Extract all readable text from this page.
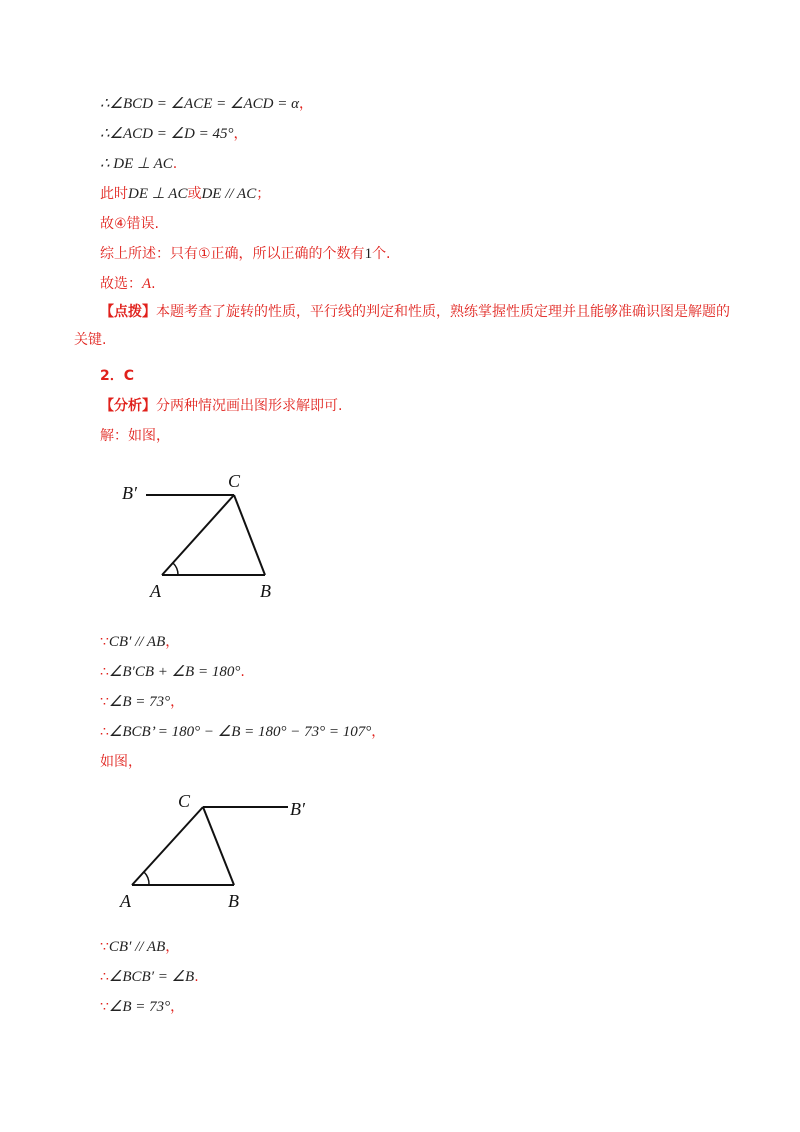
∴∠BCD = ∠ACE = ∠ACD = α，
∴∠ACD = ∠D = 45°，
∴ DE ⊥ AC.
此时DE ⊥ AC或DE // AC；
故④错误.
综上所述：只有①正确，所以正确的个数有1个.
故选：A.
【点拨】本题考查了旋转的性质，平行线的判定和性质，熟练掌握性质定理并且能够准确识图是解题的关键.
2．C
【分析】分两种情况画出图形求解即可.
解：如图，
B′
C
A	B
∵CB′ // AB，
∴∠B′CB + ∠B = 180°.
∵∠B = 73°，
∴∠BCB’ = 180° − ∠B = 180° − 73° = 107°，
如图，
C	B′
A	B
∵CB′ // AB，
∴∠BCB′ = ∠B.
∵∠B = 73°，
